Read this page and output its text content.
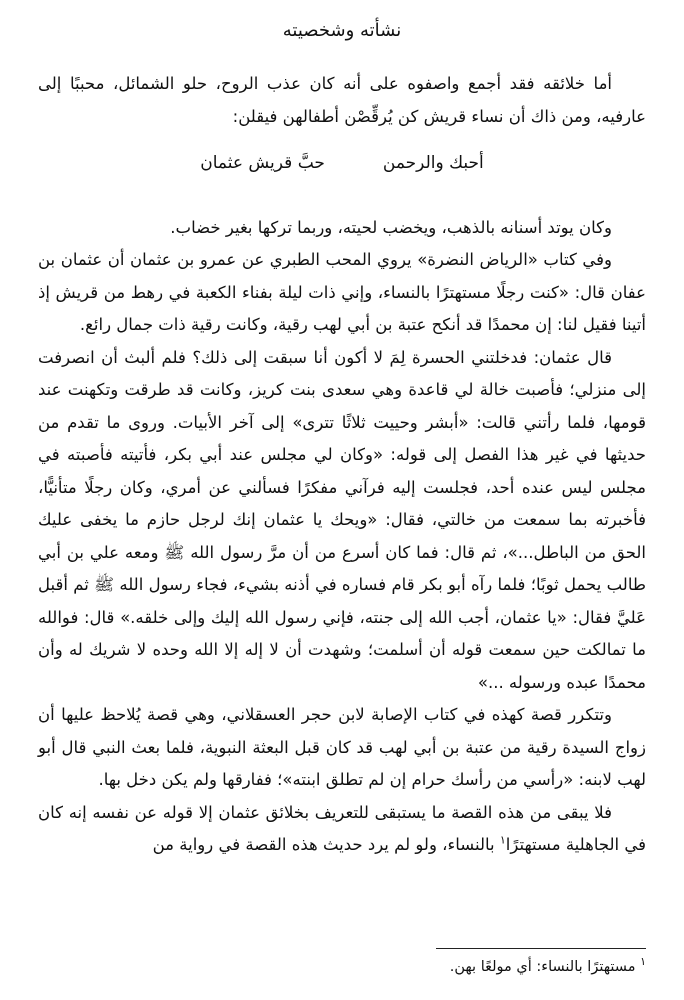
نشأته وشخصيته

أما خلائقه فقد أجمع واصفوه على أنه كان عذب الروح، حلو الشمائل، محببًا إلى عارفيه، ومن ذاك أن نساء قريش كن يُرقِّصْن أطفالهن فيقلن:

أحبك والرحمن
حبَّ قريش عثمان

وكان يوتد أسنانه بالذهب، ويخضب لحيته، وربما تركها بغير خضاب.

وفي كتاب «الرياض النضرة» يروي المحب الطبري عن عمرو بن عثمان أن عثمان بن عفان قال: «كنت رجلًا مستهترًا بالنساء، وإني ذات ليلة بفناء الكعبة في رهط من قريش إذ أتينا فقيل لنا: إن محمدًا قد أنكح عتبة بن أبي لهب رقية، وكانت رقية ذات جمال رائع.

قال عثمان: فدخلتني الحسرة لِمَ لا أكون أنا سبقت إلى ذلك؟ فلم ألبث أن انصرفت إلى منزلي؛ فأصبت خالة لي قاعدة وهي سعدى بنت كريز، وكانت قد طرقت وتكهنت عند قومها، فلما رأتني قالت: «أبشر وحييت ثلاثًا تترى» إلى آخر الأبيات. وروى ما تقدم من حديثها في غير هذا الفصل إلى قوله: «وكان لي مجلس عند أبي بكر، فأتيته فأصبته في مجلس ليس عنده أحد، فجلست إليه فرآني مفكرًا فسألني عن أمري، وكان رجلًا متأنيًّا، فأخبرته بما سمعت من خالتي، فقال: «ويحك يا عثمان إنك لرجل حازم ما يخفى عليك الحق من الباطل...»، ثم قال: فما كان أسرع من أن مرَّ رسول الله ﷺ ومعه علي بن أبي طالب يحمل ثوبًا؛ فلما رآه أبو بكر قام فساره في أذنه بشيء، فجاء رسول الله ﷺ ثم أقبل عَليَّ فقال: «يا عثمان، أجب الله إلى جنته، فإني رسول الله إليك وإلى خلقه.» قال: فوالله ما تمالكت حين سمعت قوله أن أسلمت؛ وشهدت أن لا إله إلا الله وحده لا شريك له وأن محمدًا عبده ورسوله ...»

وتتكرر قصة كهذه في كتاب الإصابة لابن حجر العسقلاني، وهي قصة يُلاحظ عليها أن زواج السيدة رقية من عتبة بن أبي لهب قد كان قبل البعثة النبوية، فلما بعث النبي قال أبو لهب لابنه: «رأسي من رأسك حرام إن لم تطلق ابنته»؛ ففارقها ولم يكن دخل بها.

فلا يبقى من هذه القصة ما يستبقى للتعريف بخلائق عثمان إلا قوله عن نفسه إنه كان في الجاهلية مستهترًا$^١$ بالنساء، ولو لم يرد حديث هذه القصة في رواية من

$^١$ مستهترًا بالنساء: أي مولعًا بهن.
